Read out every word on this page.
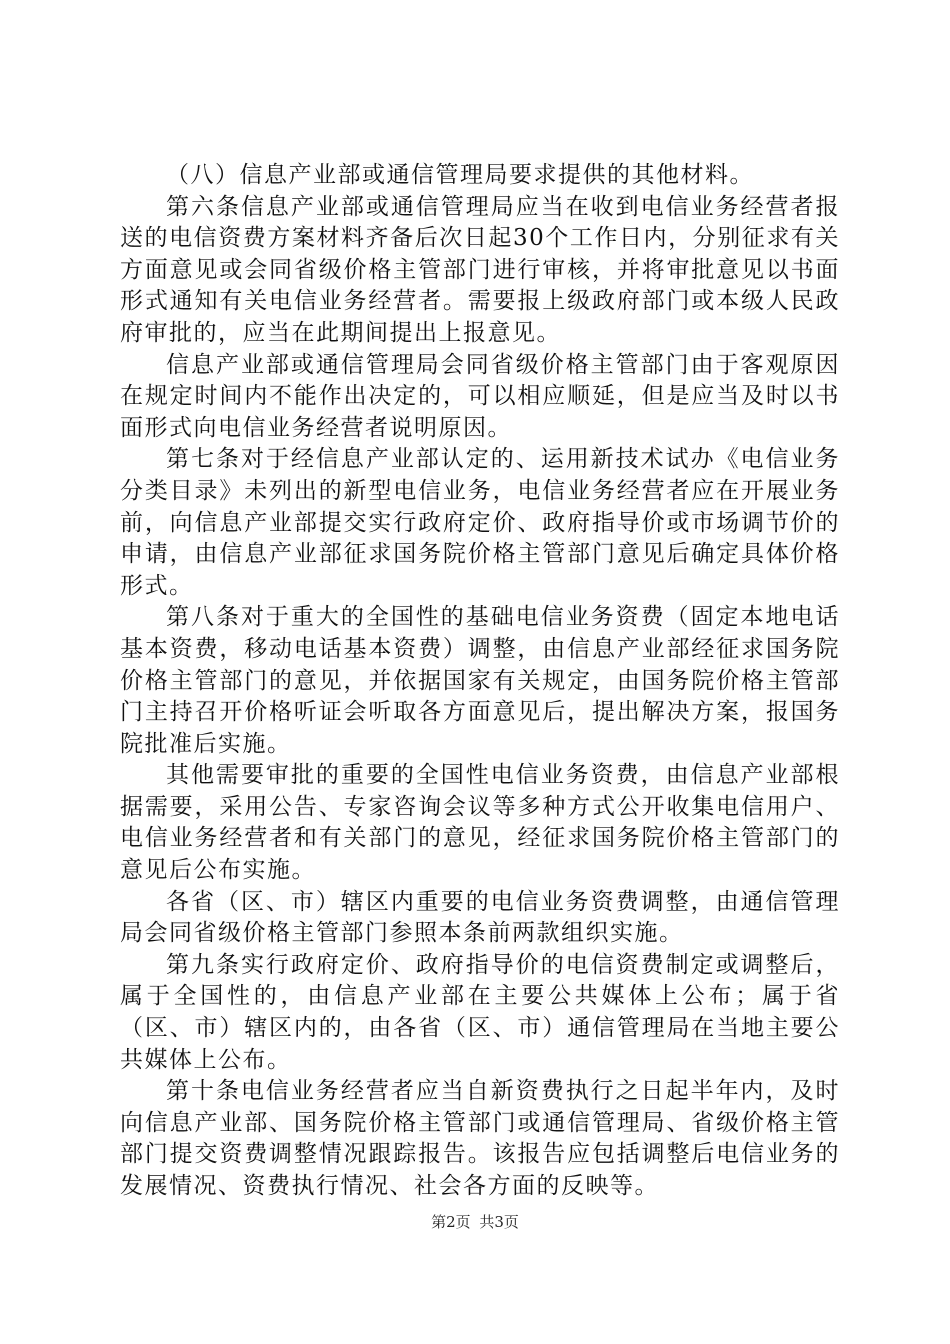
（八）信息产业部或通信管理局要求提供的其他材料。

第六条信息产业部或通信管理局应当在收到电信业务经营者报送的电信资费方案材料齐备后次日起30个工作日内，分别征求有关方面意见或会同省级价格主管部门进行审核，并将审批意见以书面形式通知有关电信业务经营者。需要报上级政府部门或本级人民政府审批的，应当在此期间提出上报意见。

信息产业部或通信管理局会同省级价格主管部门由于客观原因在规定时间内不能作出决定的，可以相应顺延，但是应当及时以书面形式向电信业务经营者说明原因。

第七条对于经信息产业部认定的、运用新技术试办《电信业务分类目录》未列出的新型电信业务，电信业务经营者应在开展业务前，向信息产业部提交实行政府定价、政府指导价或市场调节价的申请，由信息产业部征求国务院价格主管部门意见后确定具体价格形式。

第八条对于重大的全国性的基础电信业务资费（固定本地电话基本资费，移动电话基本资费）调整，由信息产业部经征求国务院价格主管部门的意见，并依据国家有关规定，由国务院价格主管部门主持召开价格听证会听取各方面意见后，提出解决方案，报国务院批准后实施。

其他需要审批的重要的全国性电信业务资费，由信息产业部根据需要，采用公告、专家咨询会议等多种方式公开收集电信用户、电信业务经营者和有关部门的意见，经征求国务院价格主管部门的意见后公布实施。

各省（区、市）辖区内重要的电信业务资费调整，由通信管理局会同省级价格主管部门参照本条前两款组织实施。

第九条实行政府定价、政府指导价的电信资费制定或调整后，属于全国性的，由信息产业部在主要公共媒体上公布；属于省（区、市）辖区内的，由各省（区、市）通信管理局在当地主要公共媒体上公布。

第十条电信业务经营者应当自新资费执行之日起半年内，及时向信息产业部、国务院价格主管部门或通信管理局、省级价格主管部门提交资费调整情况跟踪报告。该报告应包括调整后电信业务的发展情况、资费执行情况、社会各方面的反映等。

第2页 共3页
